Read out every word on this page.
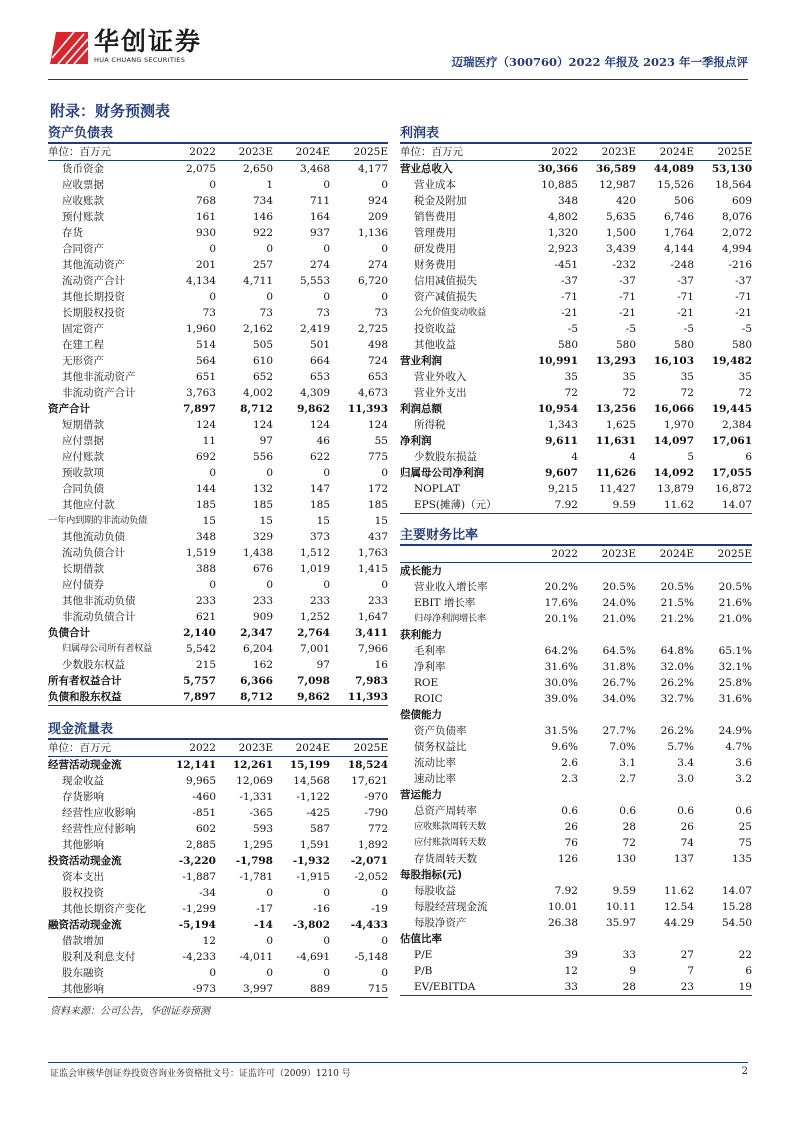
华创证券
HUA CHUANG SECURITIES	迈瑞医疗（300760）2022 年报及 2023 年一季报点评
附录：财务预测表
资产负债表
单位：百万元	2022	2023E	2024E	2025E
货币资金	2,075	2,650	3,468	4,177
应收票据	0	1	0	0
应收账款	768	734	711	924
预付账款	161	146	164	209
存货	930	922	937	1,136
合同资产	0	0	0	0
其他流动资产	201	257	274	274
流动资产合计	4,134	4,711	5,553	6,720
其他长期投资	0	0	0	0
长期股权投资	73	73	73	73
固定资产	1,960	2,162	2,419	2,725
在建工程	514	505	501	498
无形资产	564	610	664	724
其他非流动资产	651	652	653	653
非流动资产合计	3,763	4,002	4,309	4,673
资产合计	7,897	8,712	9,862	11,393
短期借款	124	124	124	124
应付票据	11	97	46	55
应付账款	692	556	622	775
预收款项	0	0	0	0
合同负债	144	132	147	172
其他应付款	185	185	185	185
一年内到期的非流动负债	15	15	15	15
其他流动负债	348	329	373	437
流动负债合计	1,519	1,438	1,512	1,763
长期借款	388	676	1,019	1,415
应付债券	0	0	0	0
其他非流动负债	233	233	233	233
非流动负债合计	621	909	1,252	1,647
负债合计	2,140	2,347	2,764	3,411
归属母公司所有者权益	5,542	6,204	7,001	7,966
少数股东权益	215	162	97	16
所有者权益合计	5,757	6,366	7,098	7,983
负债和股东权益	7,897	8,712	9,862	11,393
现金流量表
单位：百万元	2022	2023E	2024E	2025E
经营活动现金流	12,141	12,261	15,199	18,524
现金收益	9,965	12,069	14,568	17,621
存货影响	-460	-1,331	-1,122	-970
经营性应收影响	-851	-365	-425	-790
经营性应付影响	602	593	587	772
其他影响	2,885	1,295	1,591	1,892
投资活动现金流	-3,220	-1,798	-1,932	-2,071
资本支出	-1,887	-1,781	-1,915	-2,052
股权投资	-34	0	0	0
其他长期资产变化	-1,299	-17	-16	-19
融资活动现金流	-5,194	-14	-3,802	-4,433
借款增加	12	0	0	0
股利及利息支付	-4,233	-4,011	-4,691	-5,148
股东融资	0	0	0	0
其他影响	-973	3,997	889	715
利润表
单位：百万元	2022	2023E	2024E	2025E
营业总收入	30,366	36,589	44,089	53,130
营业成本	10,885	12,987	15,526	18,564
税金及附加	348	420	506	609
销售费用	4,802	5,635	6,746	8,076
管理费用	1,320	1,500	1,764	2,072
研发费用	2,923	3,439	4,144	4,994
财务费用	-451	-232	-248	-216
信用减值损失	-37	-37	-37	-37
资产减值损失	-71	-71	-71	-71
公允价值变动收益	-21	-21	-21	-21
投资收益	-5	-5	-5	-5
其他收益	580	580	580	580
营业利润	10,991	13,293	16,103	19,482
营业外收入	35	35	35	35
营业外支出	72	72	72	72
利润总额	10,954	13,256	16,066	19,445
所得税	1,343	1,625	1,970	2,384
净利润	9,611	11,631	14,097	17,061
少数股东损益	4	4	5	6
归属母公司净利润	9,607	11,626	14,092	17,055
NOPLAT	9,215	11,427	13,879	16,872
EPS(摊薄)（元）	7.92	9.59	11.62	14.07
主要财务比率
	2022	2023E	2024E	2025E
成长能力				
营业收入增长率	20.2%	20.5%	20.5%	20.5%
EBIT 增长率	17.6%	24.0%	21.5%	21.6%
归母净利润增长率	20.1%	21.0%	21.2%	21.0%
获利能力				
毛利率	64.2%	64.5%	64.8%	65.1%
净利率	31.6%	31.8%	32.0%	32.1%
ROE	30.0%	26.7%	26.2%	25.8%
ROIC	39.0%	34.0%	32.7%	31.6%
偿债能力				
资产负债率	31.5%	27.7%	26.2%	24.9%
债务权益比	9.6%	7.0%	5.7%	4.7%
流动比率	2.6	3.1	3.4	3.6
速动比率	2.3	2.7	3.0	3.2
营运能力				
总资产周转率	0.6	0.6	0.6	0.6
应收账款周转天数	26	28	26	25
应付账款周转天数	76	72	74	75
存货周转天数	126	130	137	135
每股指标(元)				
每股收益	7.92	9.59	11.62	14.07
每股经营现金流	10.01	10.11	12.54	15.28
每股净资产	26.38	35.97	44.29	54.50
估值比率				
P/E	39	33	27	22
P/B	12	9	7	6
EV/EBITDA	33	28	23	19
资料来源：公司公告，华创证券预测
证监会审核华创证券投资咨询业务资格批文号：证监许可（2009）1210 号	2
